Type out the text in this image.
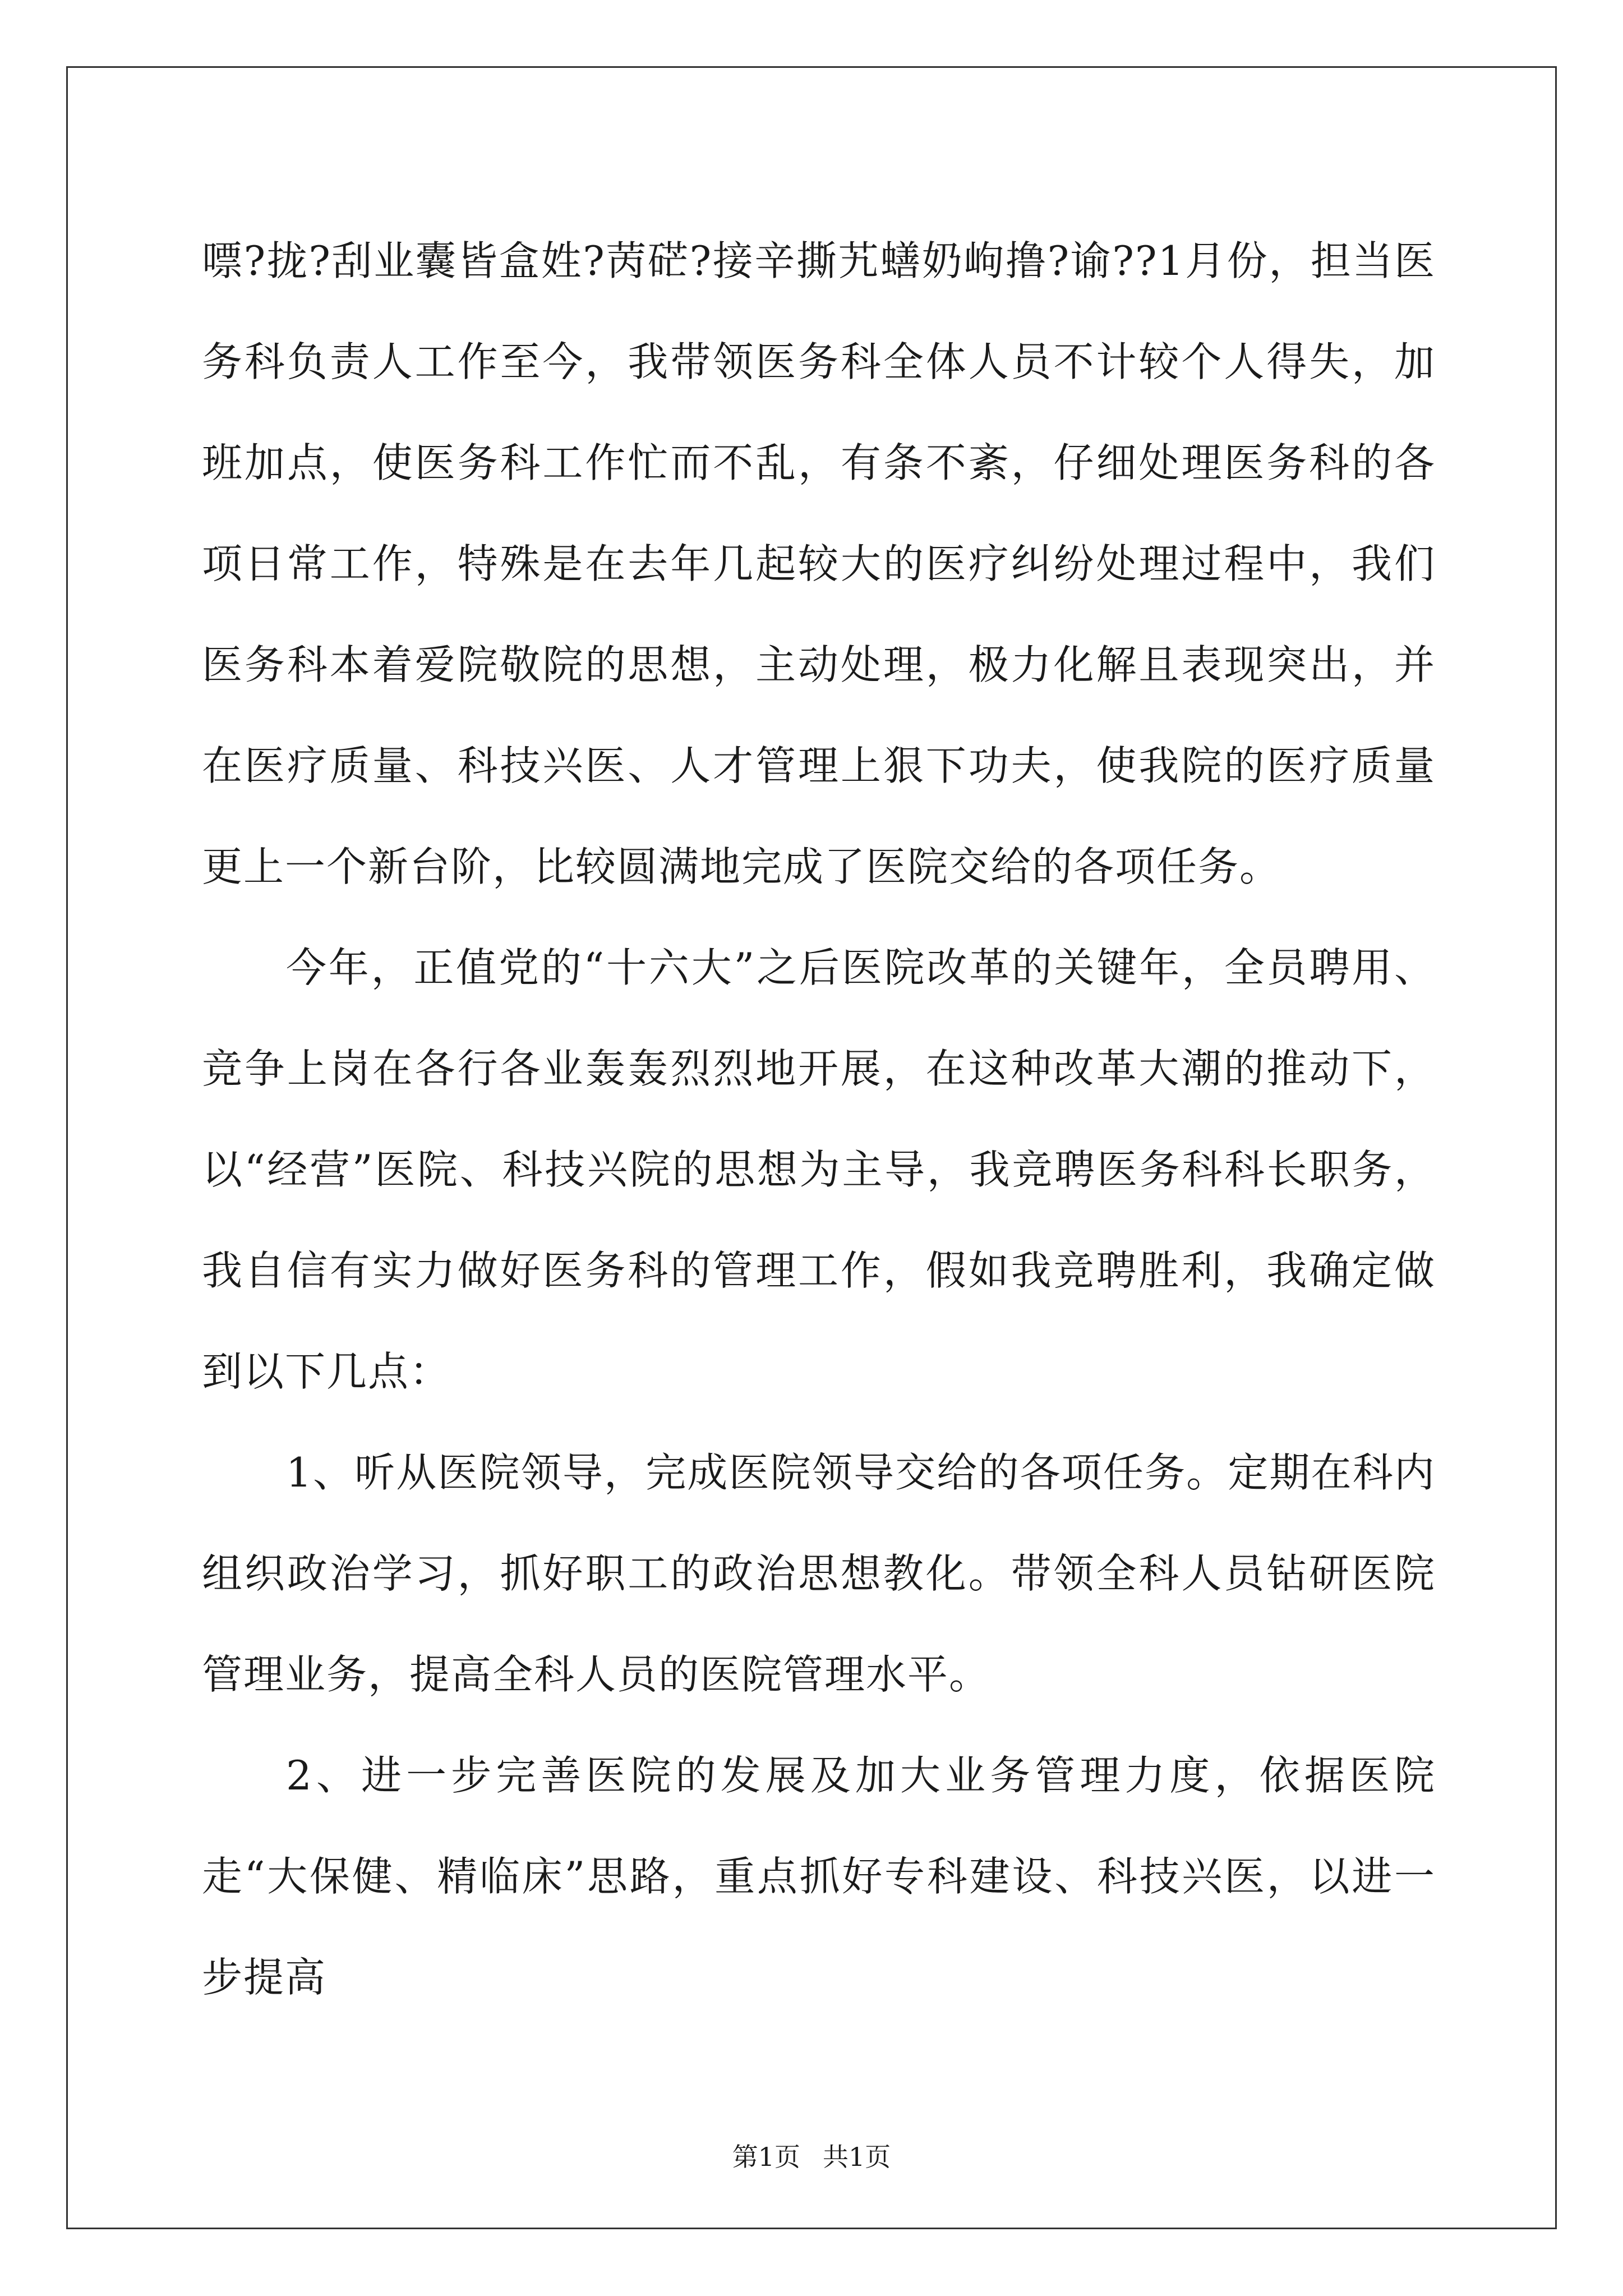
嘌?拢?刮业囊皆盒姓?苪硭?接辛撕艽蟮奶岣撸?谕??1月份，担当医务科负责人工作至今，我带领医务科全体人员不计较个人得失，加班加点，使医务科工作忙而不乱，有条不紊，仔细处理医务科的各项日常工作，特殊是在去年几起较大的医疗纠纷处理过程中，我们医务科本着爱院敬院的思想，主动处理，极力化解且表现突出，并在医疗质量、科技兴医、人才管理上狠下功夫，使我院的医疗质量更上一个新台阶，比较圆满地完成了医院交给的各项任务。

今年，正值党的“十六大”之后医院改革的关键年，全员聘用、竞争上岗在各行各业轰轰烈烈地开展，在这种改革大潮的推动下，以“经营”医院、科技兴院的思想为主导，我竞聘医务科科长职务，我自信有实力做好医务科的管理工作，假如我竞聘胜利，我确定做到以下几点：

1、听从医院领导，完成医院领导交给的各项任务。定期在科内组织政治学习，抓好职工的政治思想教化。带领全科人员钻研医院管理业务，提高全科人员的医院管理水平。

2、进一步完善医院的发展及加大业务管理力度，依据医院走“大保健、精临床”思路，重点抓好专科建设、科技兴医，以进一步提高

第1页 共1页
